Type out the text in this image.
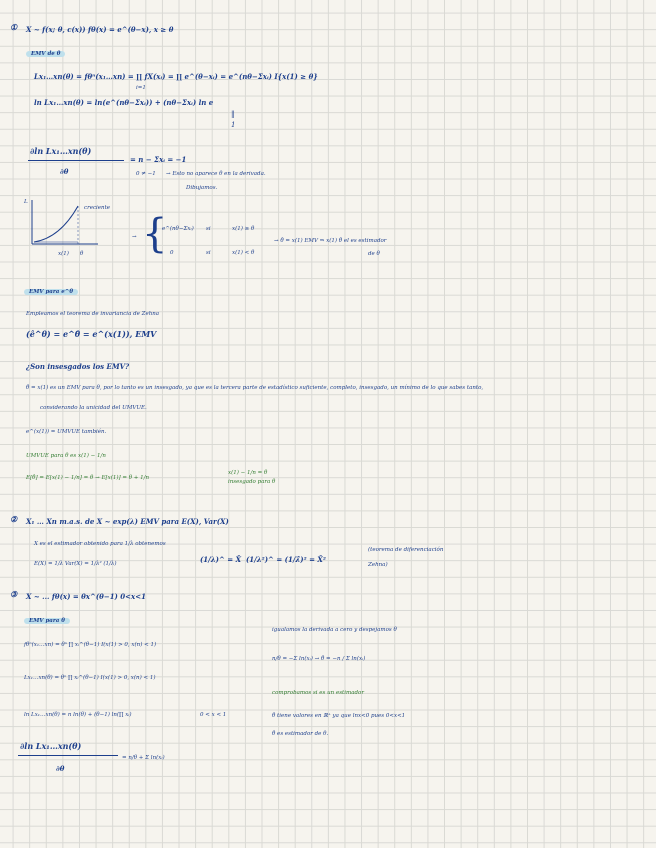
① X ~ f(x; θ, c(x)) fθ(x) = e^(θ−x), x ≥ θ
EMV de θ
Lx₁…xn(θ) = fθⁿ(x₁…xn) = ∏ fX(xᵢ) = ∏ e^(θ−xᵢ) = e^(nθ−Σxᵢ) I{x(1) ≥ θ}
i=1
ln Lx₁…xn(θ) = ln(e^(nθ−Σxᵢ)) + (nθ−Σxᵢ) ln e
‖
1
∂ln Lx₁…xn(θ)
∂θ
= n − Σxᵢ = −1
0 ≠ −1 → Esto no aparece θ en la derivada.
Dibujamos.
L
creciente
x(1) θ
→ {
e^(nθ−Σxᵢ) si	x(1) ≥ θ
0	si	x(1) < θ
→ θ̂ = x(1) EMV ⇒ x(1) θ̂ el es estimador
de θ
EMV para e^θ
Empleamos el teorema de invariancia de Zehna
(ê^θ) = e^θ̂ = e^(x(1)), EMV
¿Son insesgados los EMV?
θ̂ = x(1) es un EMV para θ, por lo tanto es un insesgado, ya que es la tercera parte de estadístico suficiente, completo, insesgado, un mínimo de lo que sabes tanto,
considerando la unicidad del UMVUE.
e^(x(1)) = UMVUE también.
UMVUE para θ es x(1) − 1/n
E[θ̂] = E[x(1) − 1/n] = θ → E[x(1)] = θ + 1/n
x(1) − 1/n = θ
insesgado para θ
② X₁ … Xn m.a.s. de X ~ exp(λ) EMV para E(X), Var(X)
X es el estimador obtenido para 1/λ obtenemos
E(X) = 1/λ Var(X) = 1/λ² (1/λ)	(1/λ)^ = X̄ (1/λ²)^ = (1/λ̂)² = X̄²
(teorema de diferenciación
Zehna)
③ X ~ ... fθ(x) = θx^(θ−1) 0<x<1
EMV para θ
fθⁿ(x₁…xn) = θⁿ ∏ xᵢ^(θ−1) I(x(1) > 0, x(n) < 1)
Lx₁…xn(θ) = θⁿ ∏ xᵢ^(θ−1) I(x(1) > 0, x(n) < 1)
ln Lx₁…xn(θ) = n ln(θ) + (θ−1) ln(∏ xᵢ)	0 < x < 1
∂ln Lx₁…xn(θ)
∂θ
= n/θ + Σ ln(xᵢ)
igualamos la derivada a cero y despejamos θ
n/θ = −Σ ln(xᵢ) → θ̂ = −n / Σ ln(xᵢ)
comprobamos si es un estimador
θ̂ tiene valores en ℝ⁺ ya que lnx<0 pues 0<x<1
θ̂ es estimador de θ.
